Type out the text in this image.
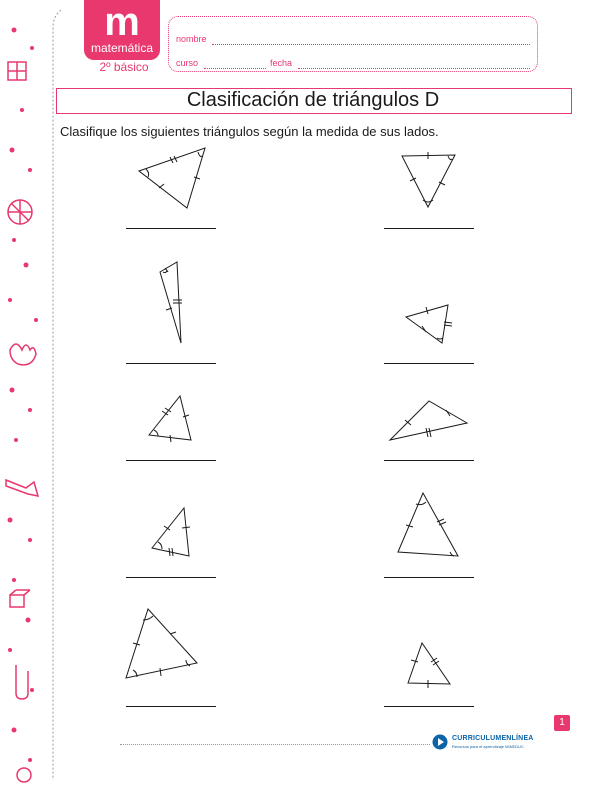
m
matemática
2º básico
nombre
curso	fecha
Clasificación de triángulos D
Clasifique los siguientes triángulos según la medida de sus lados.
1
CURRICULUMENLÍNEA
Recursos para el aprendizaje MINEDUC
